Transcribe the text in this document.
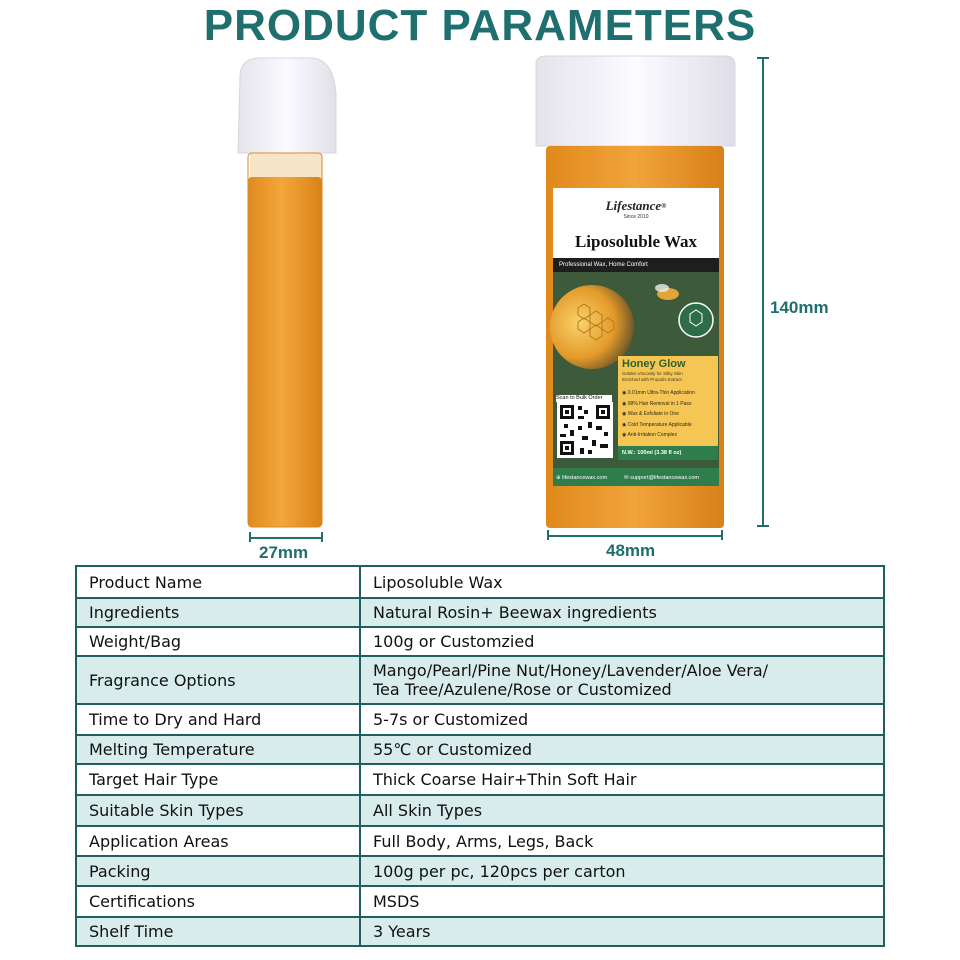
PRODUCT PARAMETERS
27mm
Lifestance®
Since 2010
Liposoluble Wax
Professional Wax, Home Comfort
Honey Glow
Golden Viscosity for Silky Skin
Enriched with Propolis Extract
◉ 0.01mm Ultra-Thin Application
◉ 98% Hair Removal in 1 Pass
◉ Wax & Exfoliate in One
◉ Cold Temperature Applicable
◉ Anti-Irritation Complex
Scan to Bulk Order
N.W.: 100ml (3.38 fl oz)
⊕ lifestancewax.com	✉ support@lifestancewax.com
48mm
140mm
Product Name	Liposoluble Wax
Ingredients	Natural Rosin+ Beewax ingredients
Weight/Bag	100g or Customzied
Fragrance Options	Mango/Pearl/Pine Nut/Honey/Lavender/Aloe Vera/
Tea Tree/Azulene/Rose or Customized

Time to Dry and Hard	5-7s or Customized
Melting Temperature	55℃ or Customized
Target Hair Type	Thick Coarse Hair+Thin Soft Hair
Suitable Skin Types	All Skin Types
Application Areas	Full Body, Arms, Legs, Back
Packing	100g per pc, 120pcs per carton
Certifications	MSDS
Shelf Time	3 Years
